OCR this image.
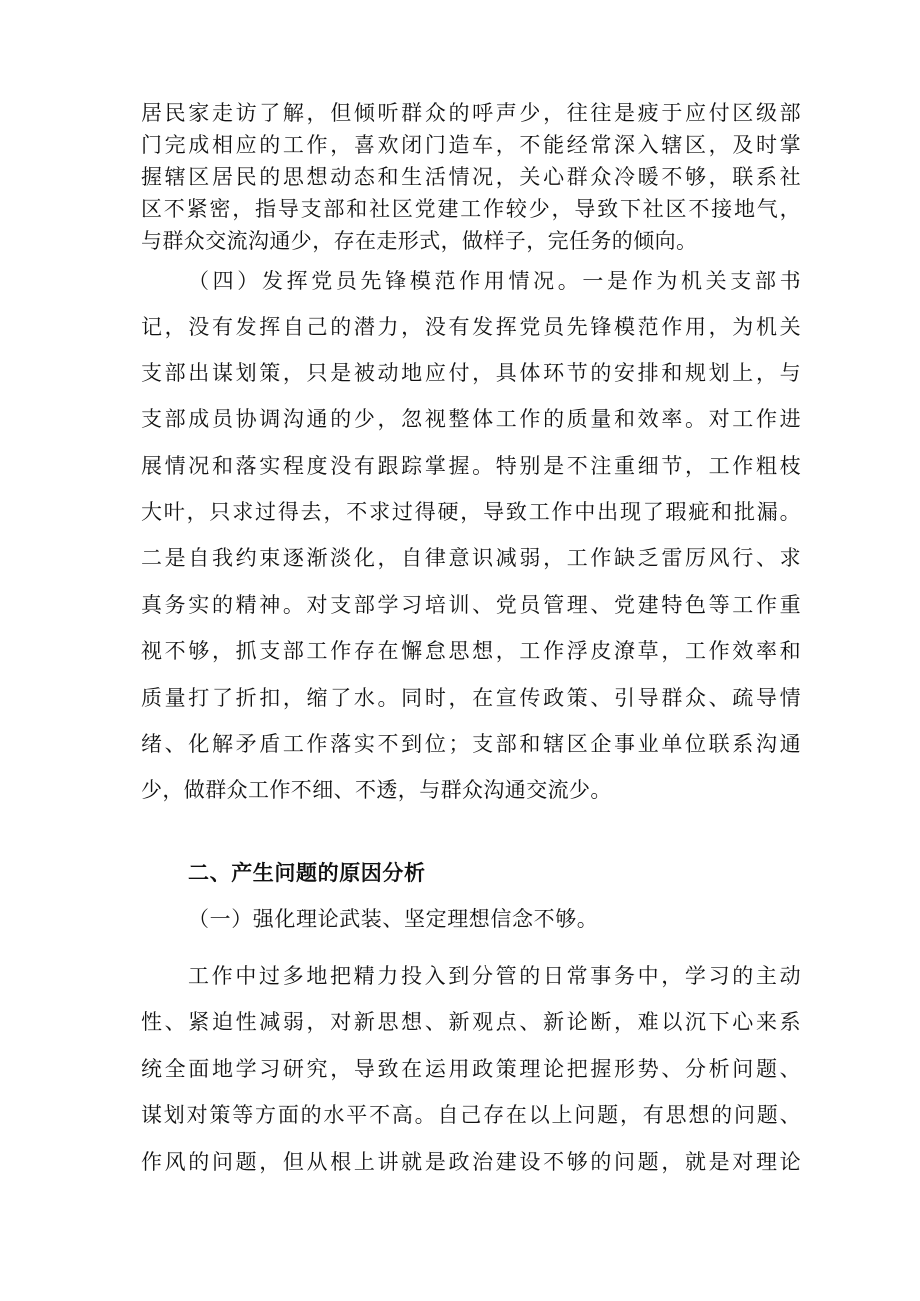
居民家走访了解，但倾听群众的呼声少，往往是疲于应付区级部
门完成相应的工作，喜欢闭门造车，不能经常深入辖区，及时掌
握辖区居民的思想动态和生活情况，关心群众冷暖不够，联系社
区不紧密，指导支部和社区党建工作较少，导致下社区不接地气，
与群众交流沟通少，存在走形式，做样子，完任务的倾向。
（四）发挥党员先锋模范作用情况。一是作为机关支部书
记，没有发挥自己的潜力，没有发挥党员先锋模范作用，为机关
支部出谋划策，只是被动地应付，具体环节的安排和规划上，与
支部成员协调沟通的少，忽视整体工作的质量和效率。对工作进
展情况和落实程度没有跟踪掌握。特别是不注重细节，工作粗枝
大叶，只求过得去，不求过得硬，导致工作中出现了瑕疵和批漏。
二是自我约束逐渐淡化，自律意识减弱，工作缺乏雷厉风行、求
真务实的精神。对支部学习培训、党员管理、党建特色等工作重
视不够，抓支部工作存在懈怠思想，工作浮皮潦草，工作效率和
质量打了折扣，缩了水。同时，在宣传政策、引导群众、疏导情
绪、化解矛盾工作落实不到位；支部和辖区企事业单位联系沟通
少，做群众工作不细、不透，与群众沟通交流少。
二、产生问题的原因分析
（一）强化理论武装、坚定理想信念不够。
工作中过多地把精力投入到分管的日常事务中，学习的主动
性、紧迫性减弱，对新思想、新观点、新论断，难以沉下心来系
统全面地学习研究，导致在运用政策理论把握形势、分析问题、
谋划对策等方面的水平不高。自己存在以上问题，有思想的问题、
作风的问题，但从根上讲就是政治建设不够的问题，就是对理论
